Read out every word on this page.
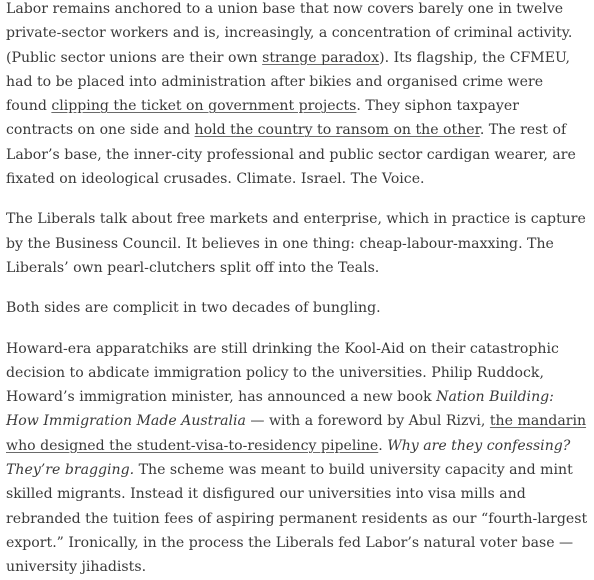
Labor remains anchored to a union base that now covers barely one in twelve private-sector workers and is, increasingly, a concentration of criminal activity. (Public sector unions are their own strange paradox). Its flagship, the CFMEU, had to be placed into administration after bikies and organised crime were found clipping the ticket on government projects. They siphon taxpayer contracts on one side and hold the country to ransom on the other. The rest of Labor’s base, the inner-city professional and public sector cardigan wearer, are fixated on ideological crusades. Climate. Israel. The Voice.

The Liberals talk about free markets and enterprise, which in practice is capture by the Business Council. It believes in one thing: cheap-labour-maxxing. The Liberals’ own pearl-clutchers split off into the Teals.

Both sides are complicit in two decades of bungling.

Howard-era apparatchiks are still drinking the Kool-Aid on their catastrophic decision to abdicate immigration policy to the universities. Philip Ruddock, Howard’s immigration minister, has announced a new book Nation Building: How Immigration Made Australia — with a foreword by Abul Rizvi, the mandarin who designed the student-visa-to-residency pipeline. Why are they confessing? They’re bragging. The scheme was meant to build university capacity and mint skilled migrants. Instead it disfigured our universities into visa mills and rebranded the tuition fees of aspiring permanent residents as our “fourth-largest export.” Ironically, in the process the Liberals fed Labor’s natural voter base — university jihadists.
